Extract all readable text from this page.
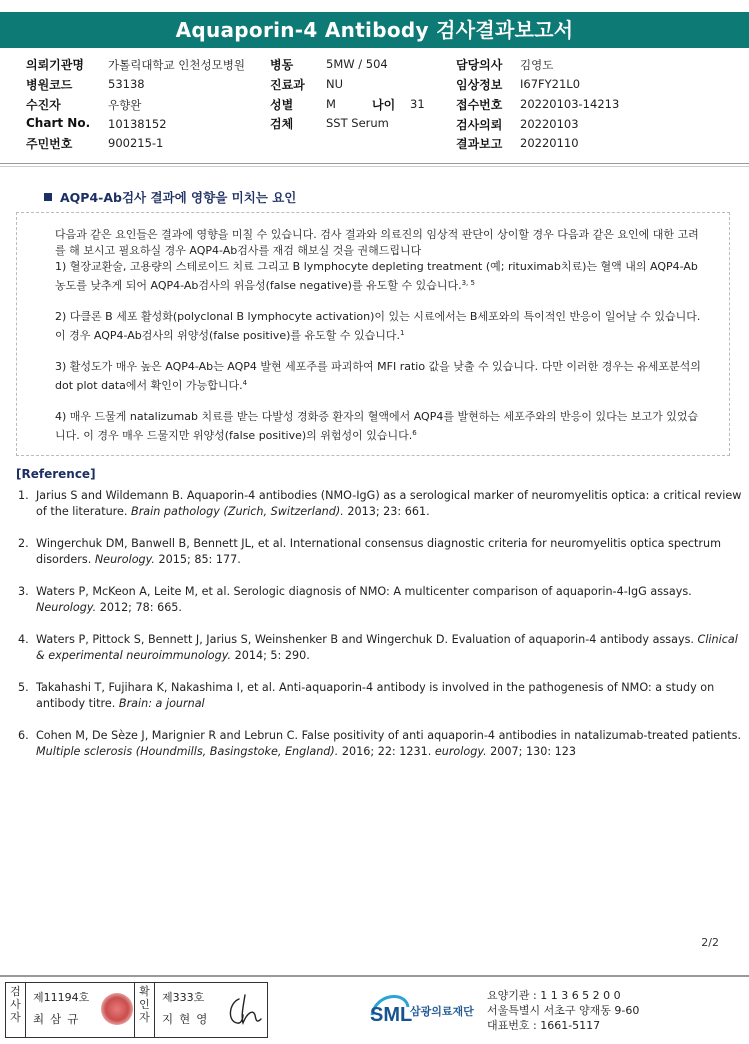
Aquaporin-4 Antibody 검사결과보고서
의뢰기관명 가톨릭대학교 인천성모병원
병원코드	53138
수진자	우향완
Chart No. 10138152
주민번호	900215-1
병동	5MW / 504
진료과 NU
성별	M	나이 31
검체	SST Serum
담당의사 김영도
임상정보 I67FY21L0
접수번호 20220103-14213
검사의뢰 20220103
결과보고 20220110
AQP4-Ab검사 결과에 영향을 미치는 요인

다음과 같은 요인들은 결과에 영향을 미칠 수 있습니다. 검사 결과와 의료진의 임상적 판단이 상이할 경우 다음과 같은 요인에 대한 고려를 해 보시고 필요하실 경우 AQP4-Ab검사를 재검 해보실 것을 권해드립니다

1) 혈장교환술, 고용량의 스테로이드 치료 그리고 B lymphocyte depleting treatment (예; rituximab치료)는 혈액 내의 AQP4-Ab농도를 낮추게 되어 AQP4-Ab검사의 위음성(false negative)를 유도할 수 있습니다.$^{3, 5}$

2) 다클론 B 세포 활성화(polyclonal B lymphocyte activation)이 있는 시료에서는 B세포와의 특이적인 반응이 일어날 수 있습니다. 이 경우 AQP4-Ab검사의 위양성(false positive)를 유도할 수 있습니다.$^1$

3) 활성도가 매우 높은 AQP4-Ab는 AQP4 발현 세포주를 파괴하여 MFI ratio 값을 낮출 수 있습니다. 다만 이러한 경우는 유세포분석의 dot plot data에서 확인이 가능합니다.$^4$

4) 매우 드물게 natalizumab 치료를 받는 다발성 경화증 환자의 혈액에서 AQP4를 발현하는 세포주와의 반응이 있다는 보고가 있었습니다. 이 경우 매우 드물지만 위양성(false positive)의 위험성이 있습니다.$^6$

[Reference]
1. Jarius S and Wildemann B. Aquaporin-4 antibodies (NMO-IgG) as a serological marker of neuromyelitis optica: a critical review of the literature. Brain pathology (Zurich, Switzerland). 2013; 23: 661.
2. Wingerchuk DM, Banwell B, Bennett JL, et al. International consensus diagnostic criteria for neuromyelitis optica spectrum disorders. Neurology. 2015; 85: 177.
3. Waters P, McKeon A, Leite M, et al. Serologic diagnosis of NMO: A multicenter comparison of aquaporin-4-IgG assays. Neurology. 2012; 78: 665.
4. Waters P, Pittock S, Bennett J, Jarius S, Weinshenker B and Wingerchuk D. Evaluation of aquaporin-4 antibody assays. Clinical & experimental neuroimmunology. 2014; 5: 290.
5. Takahashi T, Fujihara K, Nakashima I, et al. Anti-aquaporin-4 antibody is involved in the pathogenesis of NMO: a study on antibody titre. Brain: a journal
6. Cohen M, De Sèze J, Marignier R and Lebrun C. False positivity of anti aquaporin-4 antibodies in natalizumab-treated patients. Multiple sclerosis (Houndmills, Basingstoke, England). 2016; 22: 1231. eurology. 2007; 130: 123
2/2
검사자
제11194호
최삼규
확인자
제333호
지현영	SML
삼광의료재단
요양기관 : 1 1 3 6 5 2 0 0
서울특별시 서초구 양재동 9-60
대표번호 : 1661-5117
